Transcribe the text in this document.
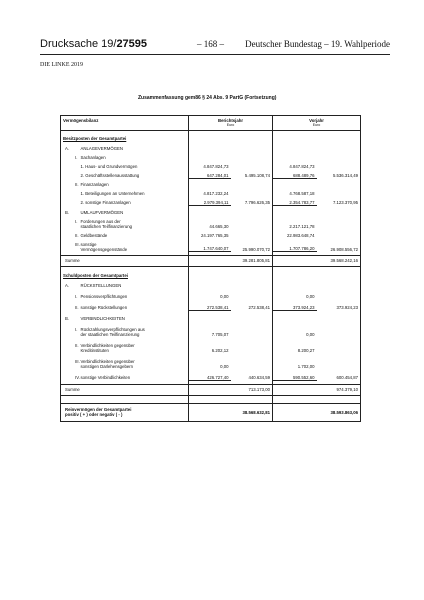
Drucksache 19/27595	– 168 – Deutscher Bundestag – 19. Wahlperiode
DIE LINKE 2019
Zusammenfassung gem86 § 24 Abs. 9 PartG (Fortsetzung)
Vermögensbilanz		Berichtsjahr
Euro		Vorjahr
Euro	

Besitzposten der Gesamtpartei					

A.	ANLAGEVERMÖGEN				

I.	Sachanlagen				

	1. Haus- und Grundvermögen	4.847.824,73		4.847.824,73	

	2. Geschäftsstellenausstattung	647.284,01	5.495.108,74	688.489,76	5.536.314,49

II.	Finanzanlagen				

	1. Beteiligungen an Unternehmen	4.817.232,24		4.768.587,18	

	2. sonstige Finanzanlagen	2.979.394,11	7.796.626,35	2.354.783,77	7.123.370,95

B.	UMLAUFVERMÖGEN				

I.	Forderungen aus der
staatlichen Teilfinanzierung	44.665,30		2.217.121,78	

II.	Geldbestände	24.197.765,35		22.983.648,74	

III.	sonstige
Vermögensgegenstände	1.747.640,07	25.990.070,72	1.707.786,20	26.908.556,72

Summe			39.281.805,81		39.568.242,16

Schuldposten der Gesamtpartei					

A.	RÜCKSTELLUNGEN				

I.	Pensionsverpflichtungen	0,00		0,00	

II.	sonstige Rückstellungen	272.538,41	272.538,41	373.924,23	373.924,23

B.	VERBINDLICHKEITEN				

I.	Rückzahlungsverpflichtungen aus
der staatlichen Teilfinanzierung	7.705,07		0,00	

II.	Verbindlichkeiten gegenüber
Kreditinstituten	6.202,12		8.200,27	

III.	Verbindlichkeiten gegenüber
sonstigen Darlehensgebern	0,00		1.702,00	

IV.	sonstige Verbindlichkeiten	426.727,40	440.634,59	590.552,60	600.454,87

Summe			713.173,00		974.379,10

Reinvermögen der Gesamtpartei
positiv ( + ) oder negativ ( - )			38.568.632,81		38.593.863,06
